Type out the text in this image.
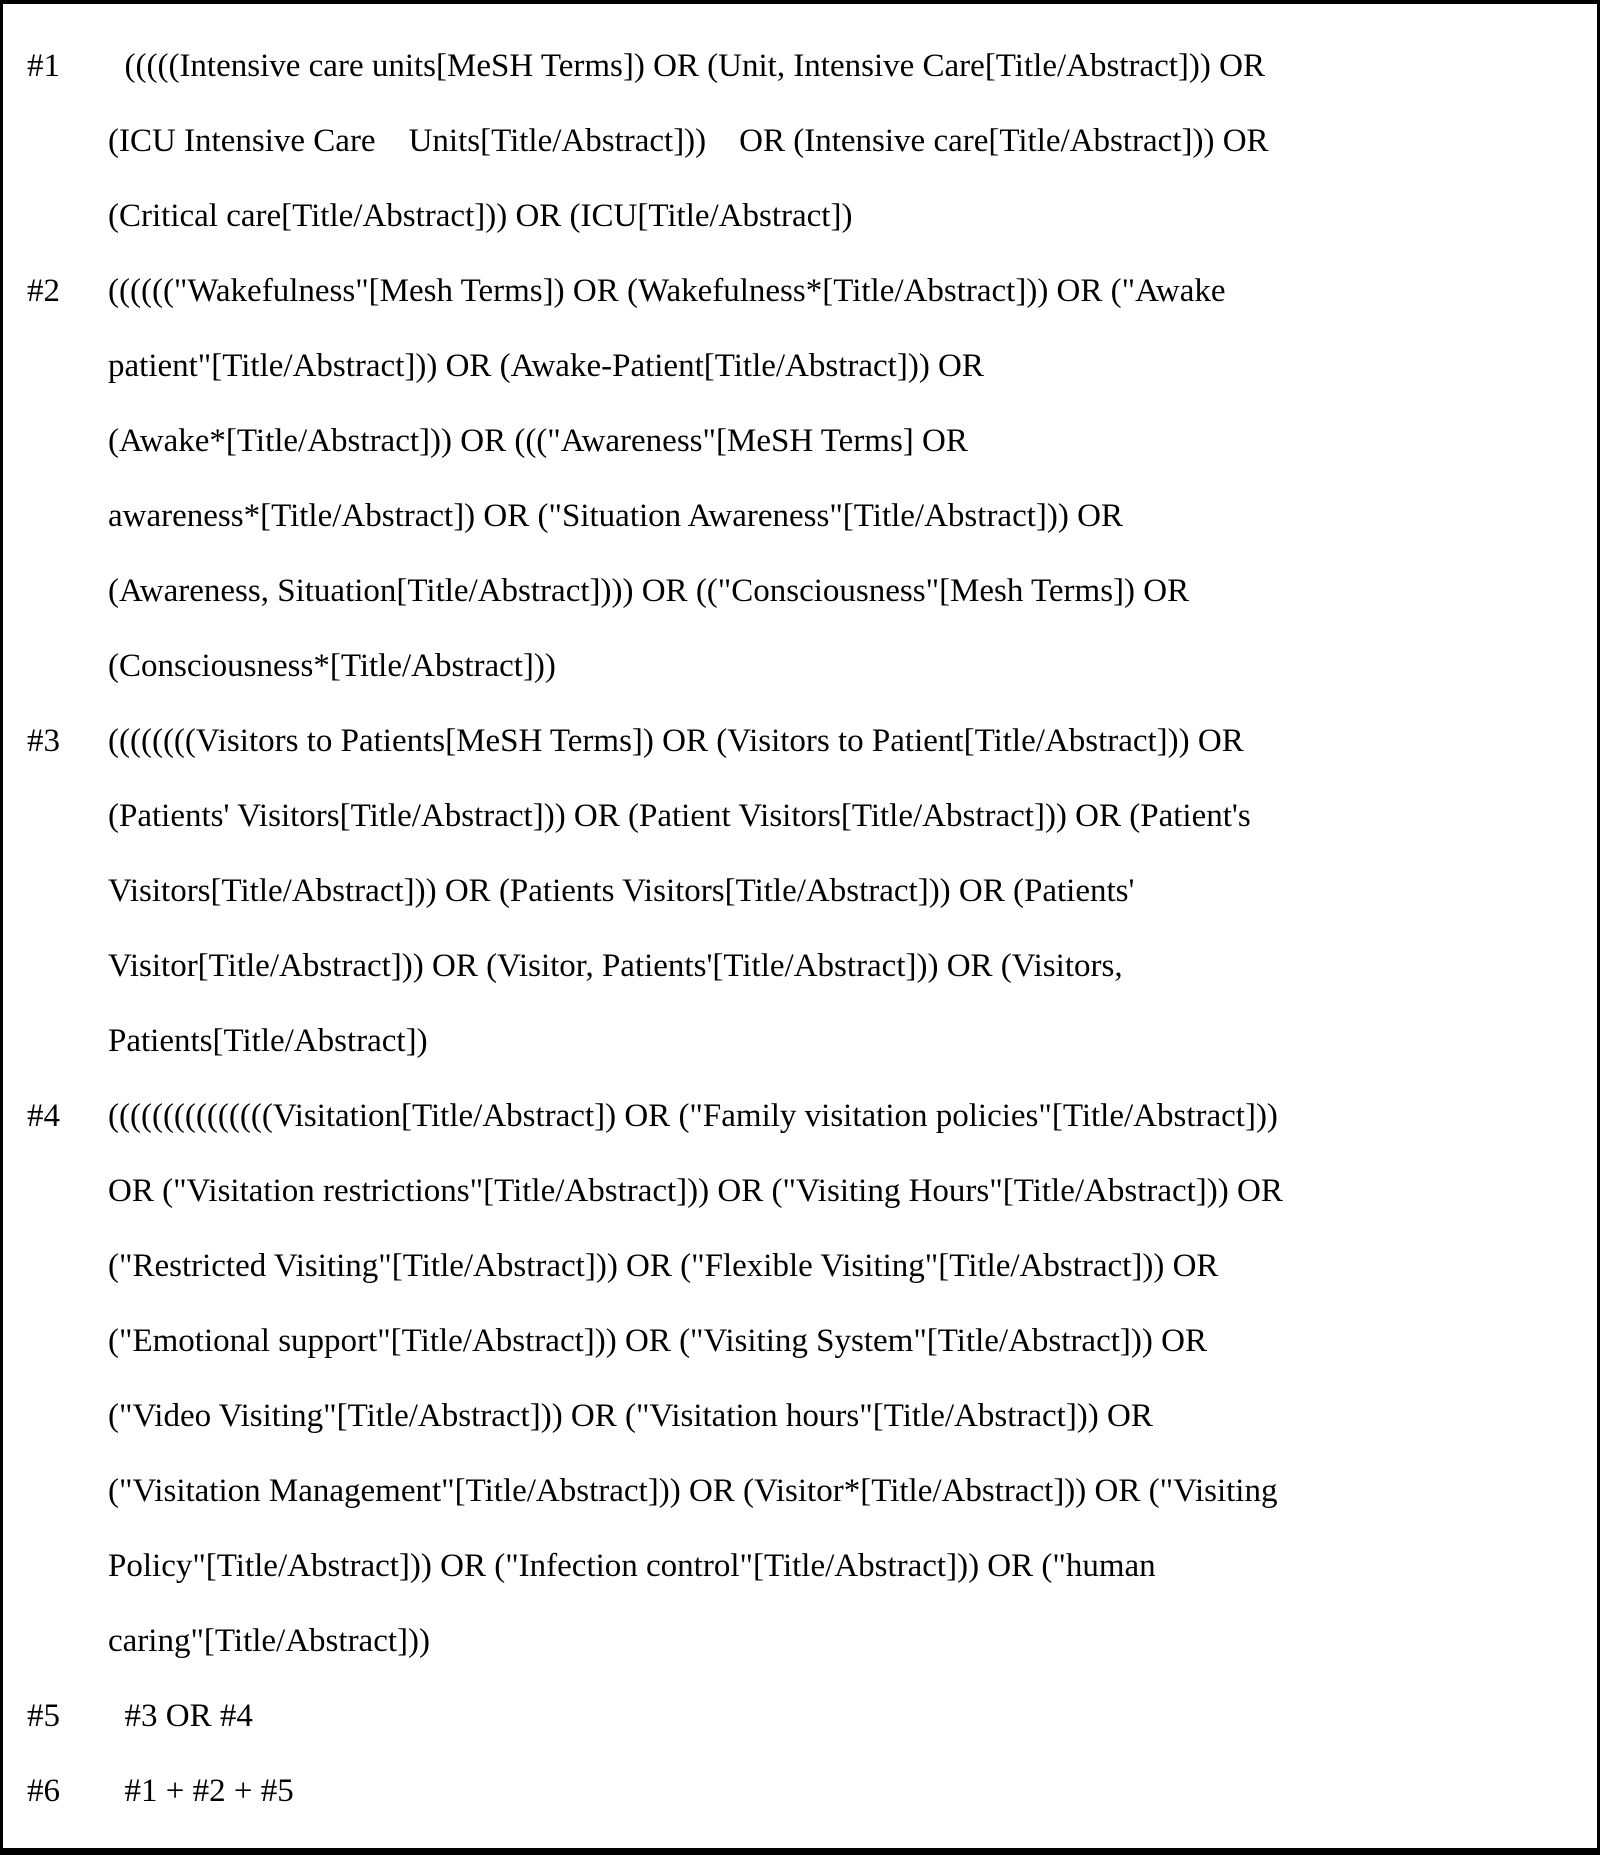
#1	(((((Intensive care units[MeSH Terms]) OR (Unit, Intensive Care[Title/Abstract])) OR
(ICU Intensive Care    Units[Title/Abstract]))    OR (Intensive care[Title/Abstract])) OR
(Critical care[Title/Abstract])) OR (ICU[Title/Abstract])
#2	(((((("Wakefulness"[Mesh Terms]) OR (Wakefulness*[Title/Abstract])) OR ("Awake
patient"[Title/Abstract])) OR (Awake-Patient[Title/Abstract])) OR
(Awake*[Title/Abstract])) OR ((("Awareness"[MeSH Terms] OR
awareness*[Title/Abstract]) OR ("Situation Awareness"[Title/Abstract])) OR
(Awareness, Situation[Title/Abstract]))) OR (("Consciousness"[Mesh Terms]) OR
(Consciousness*[Title/Abstract]))
#3	((((((((Visitors to Patients[MeSH Terms]) OR (Visitors to Patient[Title/Abstract])) OR
(Patients' Visitors[Title/Abstract])) OR (Patient Visitors[Title/Abstract])) OR (Patient's
Visitors[Title/Abstract])) OR (Patients Visitors[Title/Abstract])) OR (Patients'
Visitor[Title/Abstract])) OR (Visitor, Patients'[Title/Abstract])) OR (Visitors,
Patients[Title/Abstract])
#4	(((((((((((((((Visitation[Title/Abstract]) OR ("Family visitation policies"[Title/Abstract]))
OR ("Visitation restrictions"[Title/Abstract])) OR ("Visiting Hours"[Title/Abstract])) OR
("Restricted Visiting"[Title/Abstract])) OR ("Flexible Visiting"[Title/Abstract])) OR
("Emotional support"[Title/Abstract])) OR ("Visiting System"[Title/Abstract])) OR
("Video Visiting"[Title/Abstract])) OR ("Visitation hours"[Title/Abstract])) OR
("Visitation Management"[Title/Abstract])) OR (Visitor*[Title/Abstract])) OR ("Visiting
Policy"[Title/Abstract])) OR ("Infection control"[Title/Abstract])) OR ("human
caring"[Title/Abstract]))
#5	#3 OR #4
#6	#1 + #2 + #5
